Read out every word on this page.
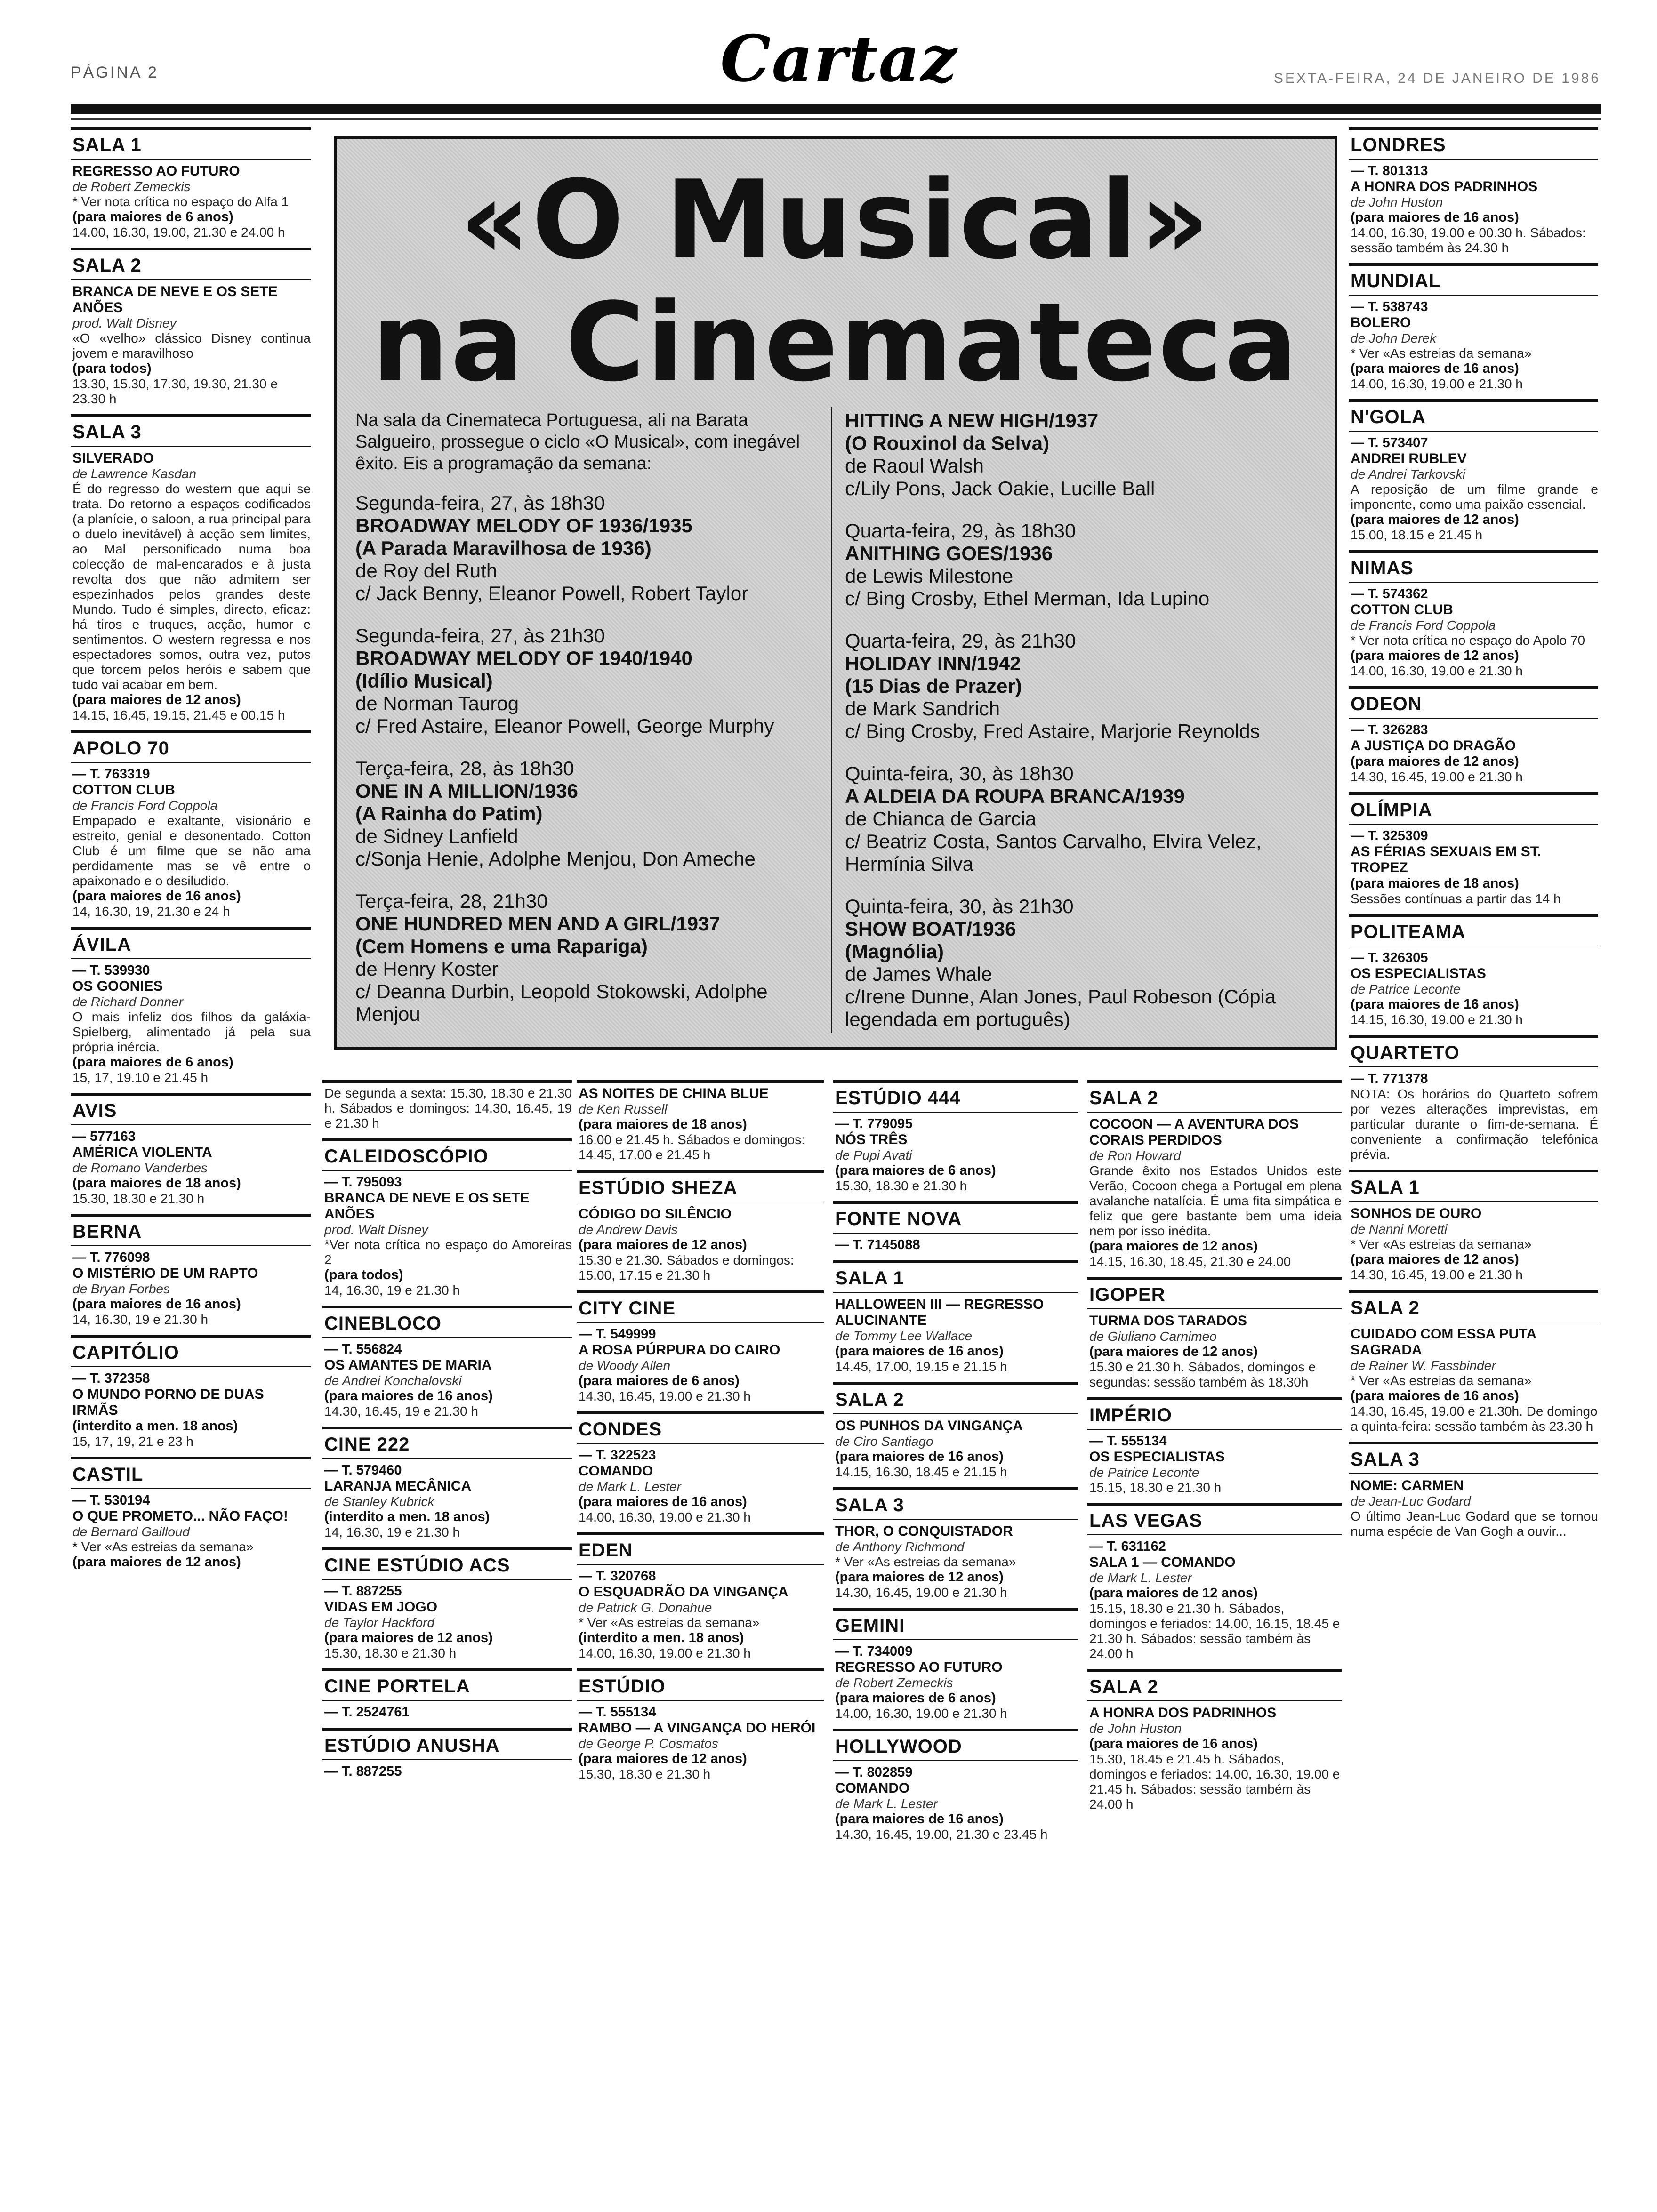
PÁGINA 2	Cartaz	SEXTA-FEIRA, 24 DE JANEIRO DE 1986
«O Musical»
na Cinemateca
Na sala da Cinemateca Portuguesa, ali na Barata Salgueiro, prossegue o ciclo «O Musical», com inegável êxito. Eis a programação da semana:
Segunda-feira, 27, às 18h30
BROADWAY MELODY OF 1936/1935
(A Parada Maravilhosa de 1936)
de Roy del Ruth
c/ Jack Benny, Eleanor Powell, Robert Taylor
Segunda-feira, 27, às 21h30
BROADWAY MELODY OF 1940/1940
(Idílio Musical)
de Norman Taurog
c/ Fred Astaire, Eleanor Powell, George Murphy
Terça-feira, 28, às 18h30
ONE IN A MILLION/1936
(A Rainha do Patim)
de Sidney Lanfield
c/Sonja Henie, Adolphe Menjou, Don Ameche
Terça-feira, 28, 21h30
ONE HUNDRED MEN AND A GIRL/1937
(Cem Homens e uma Rapariga)
de Henry Koster
c/ Deanna Durbin, Leopold Stokowski, Adolphe Menjou
HITTING A NEW HIGH/1937
(O Rouxinol da Selva)
de Raoul Walsh
c/Lily Pons, Jack Oakie, Lucille Ball
Quarta-feira, 29, às 18h30
ANITHING GOES/1936
de Lewis Milestone
c/ Bing Crosby, Ethel Merman, Ida Lupino
Quarta-feira, 29, às 21h30
HOLIDAY INN/1942
(15 Dias de Prazer)
de Mark Sandrich
c/ Bing Crosby, Fred Astaire, Marjorie Reynolds
Quinta-feira, 30, às 18h30
A ALDEIA DA ROUPA BRANCA/1939
de Chianca de Garcia
c/ Beatriz Costa, Santos Carvalho, Elvira Velez, Hermínia Silva
Quinta-feira, 30, às 21h30
SHOW BOAT/1936
(Magnólia)
de James Whale
c/Irene Dunne, Alan Jones, Paul Robeson (Cópia legendada em português)
SALA 1
REGRESSO AO FUTURO
de Robert Zemeckis
* Ver nota crítica no espaço do Alfa 1
(para maiores de 6 anos)
14.00, 16.30, 19.00, 21.30 e 24.00 h
SALA 2
BRANCA DE NEVE E OS SETE ANÕES
prod. Walt Disney
«O «velho» clássico Disney continua jovem e maravilhoso
(para todos)
13.30, 15.30, 17.30, 19.30, 21.30 e 23.30 h
SALA 3
SILVERADO
de Lawrence Kasdan
É do regresso do western que aqui se trata. Do retorno a espaços codificados (a planície, o saloon, a rua principal para o duelo inevitável) à acção sem limites, ao Mal personificado numa boa colecção de mal-encarados e à justa revolta dos que não admitem ser espezinhados pelos grandes deste Mundo. Tudo é simples, directo, eficaz: há tiros e truques, acção, humor e sentimentos. O western regressa e nos espectadores somos, outra vez, putos que torcem pelos heróis e sabem que tudo vai acabar em bem.
(para maiores de 12 anos)
14.15, 16.45, 19.15, 21.45 e 00.15 h
APOLO 70
— T. 763319
COTTON CLUB
de Francis Ford Coppola
Empapado e exaltante, visionário e estreito, genial e desonentado. Cotton Club é um filme que se não ama perdidamente mas se vê entre o apaixonado e o desiludido.
(para maiores de 16 anos)
14, 16.30, 19, 21.30 e 24 h
ÁVILA
— T. 539930
OS GOONIES
de Richard Donner
O mais infeliz dos filhos da galáxia-Spielberg, alimentado já pela sua própria inércia.
(para maiores de 6 anos)
15, 17, 19.10 e 21.45 h
AVIS
— 577163
AMÉRICA VIOLENTA
de Romano Vanderbes
(para maiores de 18 anos)
15.30, 18.30 e 21.30 h
BERNA
— T. 776098
O MISTÉRIO DE UM RAPTO
de Bryan Forbes
(para maiores de 16 anos)
14, 16.30, 19 e 21.30 h
CAPITÓLIO
— T. 372358
O MUNDO PORNO DE DUAS IRMÃS
(interdito a men. 18 anos)
15, 17, 19, 21 e 23 h
CASTIL
— T. 530194
O QUE PROMETO... NÃO FAÇO!
de Bernard Gailloud
* Ver «As estreias da semana»
(para maiores de 12 anos)
De segunda a sexta: 15.30, 18.30 e 21.30 h. Sábados e domingos: 14.30, 16.45, 19 e 21.30 h
CALEIDOSCÓPIO
— T. 795093
BRANCA DE NEVE E OS SETE ANÕES
prod. Walt Disney
*Ver nota crítica no espaço do Amoreiras 2
(para todos)
14, 16.30, 19 e 21.30 h
CINEBLOCO
— T. 556824
OS AMANTES DE MARIA
de Andrei Konchalovski
(para maiores de 16 anos)
14.30, 16.45, 19 e 21.30 h
CINE 222
— T. 579460
LARANJA MECÂNICA
de Stanley Kubrick
(interdito a men. 18 anos)
14, 16.30, 19 e 21.30 h
CINE ESTÚDIO ACS
— T. 887255
VIDAS EM JOGO
de Taylor Hackford
(para maiores de 12 anos)
15.30, 18.30 e 21.30 h
CINE PORTELA
— T. 2524761
ESTÚDIO ANUSHA
— T. 887255
AS NOITES DE CHINA BLUE
de Ken Russell
(para maiores de 18 anos)
16.00 e 21.45 h. Sábados e domingos: 14.45, 17.00 e 21.45 h
ESTÚDIO SHEZA
CÓDIGO DO SILÊNCIO
de Andrew Davis
(para maiores de 12 anos)
15.30 e 21.30. Sábados e domingos: 15.00, 17.15 e 21.30 h
CITY CINE
— T. 549999
A ROSA PÚRPURA DO CAIRO
de Woody Allen
(para maiores de 6 anos)
14.30, 16.45, 19.00 e 21.30 h
CONDES
— T. 322523
COMANDO
de Mark L. Lester
(para maiores de 16 anos)
14.00, 16.30, 19.00 e 21.30 h
EDEN
— T. 320768
O ESQUADRÃO DA VINGANÇA
de Patrick G. Donahue
* Ver «As estreias da semana»
(interdito a men. 18 anos)
14.00, 16.30, 19.00 e 21.30 h
ESTÚDIO
— T. 555134
RAMBO — A VINGANÇA DO HERÓI
de George P. Cosmatos
(para maiores de 12 anos)
15.30, 18.30 e 21.30 h
ESTÚDIO 444
— T. 779095
NÓS TRÊS
de Pupi Avati
(para maiores de 6 anos)
15.30, 18.30 e 21.30 h
FONTE NOVA
— T. 7145088
SALA 1
HALLOWEEN III — REGRESSO ALUCINANTE
de Tommy Lee Wallace
(para maiores de 16 anos)
14.45, 17.00, 19.15 e 21.15 h
SALA 2
OS PUNHOS DA VINGANÇA
de Ciro Santiago
(para maiores de 16 anos)
14.15, 16.30, 18.45 e 21.15 h
SALA 3
THOR, O CONQUISTADOR
de Anthony Richmond
* Ver «As estreias da semana»
(para maiores de 12 anos)
14.30, 16.45, 19.00 e 21.30 h
GEMINI
— T. 734009
REGRESSO AO FUTURO
de Robert Zemeckis
(para maiores de 6 anos)
14.00, 16.30, 19.00 e 21.30 h
HOLLYWOOD
— T. 802859
COMANDO
de Mark L. Lester
(para maiores de 16 anos)
14.30, 16.45, 19.00, 21.30 e 23.45 h
SALA 2
COCOON — A AVENTURA DOS CORAIS PERDIDOS
de Ron Howard
Grande êxito nos Estados Unidos este Verão, Cocoon chega a Portugal em plena avalanche natalícia. É uma fita simpática e feliz que gere bastante bem uma ideia nem por isso inédita.
(para maiores de 12 anos)
14.15, 16.30, 18.45, 21.30 e 24.00
IGOPER
TURMA DOS TARADOS
de Giuliano Carnimeo
(para maiores de 12 anos)
15.30 e 21.30 h. Sábados, domingos e segundas: sessão também às 18.30h
IMPÉRIO
— T. 555134
OS ESPECIALISTAS
de Patrice Leconte
15.15, 18.30 e 21.30 h
LAS VEGAS
— T. 631162
SALA 1 — COMANDO
de Mark L. Lester
(para maiores de 12 anos)
15.15, 18.30 e 21.30 h. Sábados, domingos e feriados: 14.00, 16.15, 18.45 e 21.30 h. Sábados: sessão também às 24.00 h
SALA 2
A HONRA DOS PADRINHOS
de John Huston
(para maiores de 16 anos)
15.30, 18.45 e 21.45 h. Sábados, domingos e feriados: 14.00, 16.30, 19.00 e 21.45 h. Sábados: sessão também às 24.00 h
LONDRES
— T. 801313
A HONRA DOS PADRINHOS
de John Huston
(para maiores de 16 anos)
14.00, 16.30, 19.00 e 00.30 h. Sábados: sessão também às 24.30 h
MUNDIAL
— T. 538743
BOLERO
de John Derek
* Ver «As estreias da semana»
(para maiores de 16 anos)
14.00, 16.30, 19.00 e 21.30 h
N'GOLA
— T. 573407
ANDREI RUBLEV
de Andrei Tarkovski
A reposição de um filme grande e imponente, como uma paixão essencial.
(para maiores de 12 anos)
15.00, 18.15 e 21.45 h
NIMAS
— T. 574362
COTTON CLUB
de Francis Ford Coppola
* Ver nota crítica no espaço do Apolo 70
(para maiores de 12 anos)
14.00, 16.30, 19.00 e 21.30 h
ODEON
— T. 326283
A JUSTIÇA DO DRAGÃO
(para maiores de 12 anos)
14.30, 16.45, 19.00 e 21.30 h
OLÍMPIA
— T. 325309
AS FÉRIAS SEXUAIS EM ST. TROPEZ
(para maiores de 18 anos)
Sessões contínuas a partir das 14 h
POLITEAMA
— T. 326305
OS ESPECIALISTAS
de Patrice Leconte
(para maiores de 16 anos)
14.15, 16.30, 19.00 e 21.30 h
QUARTETO
— T. 771378
NOTA: Os horários do Quarteto sofrem por vezes alterações imprevistas, em particular durante o fim-de-semana. É conveniente a confirmação telefónica prévia.
SALA 1
SONHOS DE OURO
de Nanni Moretti
* Ver «As estreias da semana»
(para maiores de 12 anos)
14.30, 16.45, 19.00 e 21.30 h
SALA 2
CUIDADO COM ESSA PUTA SAGRADA
de Rainer W. Fassbinder
* Ver «As estreias da semana»
(para maiores de 16 anos)
14.30, 16.45, 19.00 e 21.30h. De domingo a quinta-feira: sessão também às 23.30 h
SALA 3
NOME: CARMEN
de Jean-Luc Godard
O último Jean-Luc Godard que se tornou numa espécie de Van Gogh a ouvir...
